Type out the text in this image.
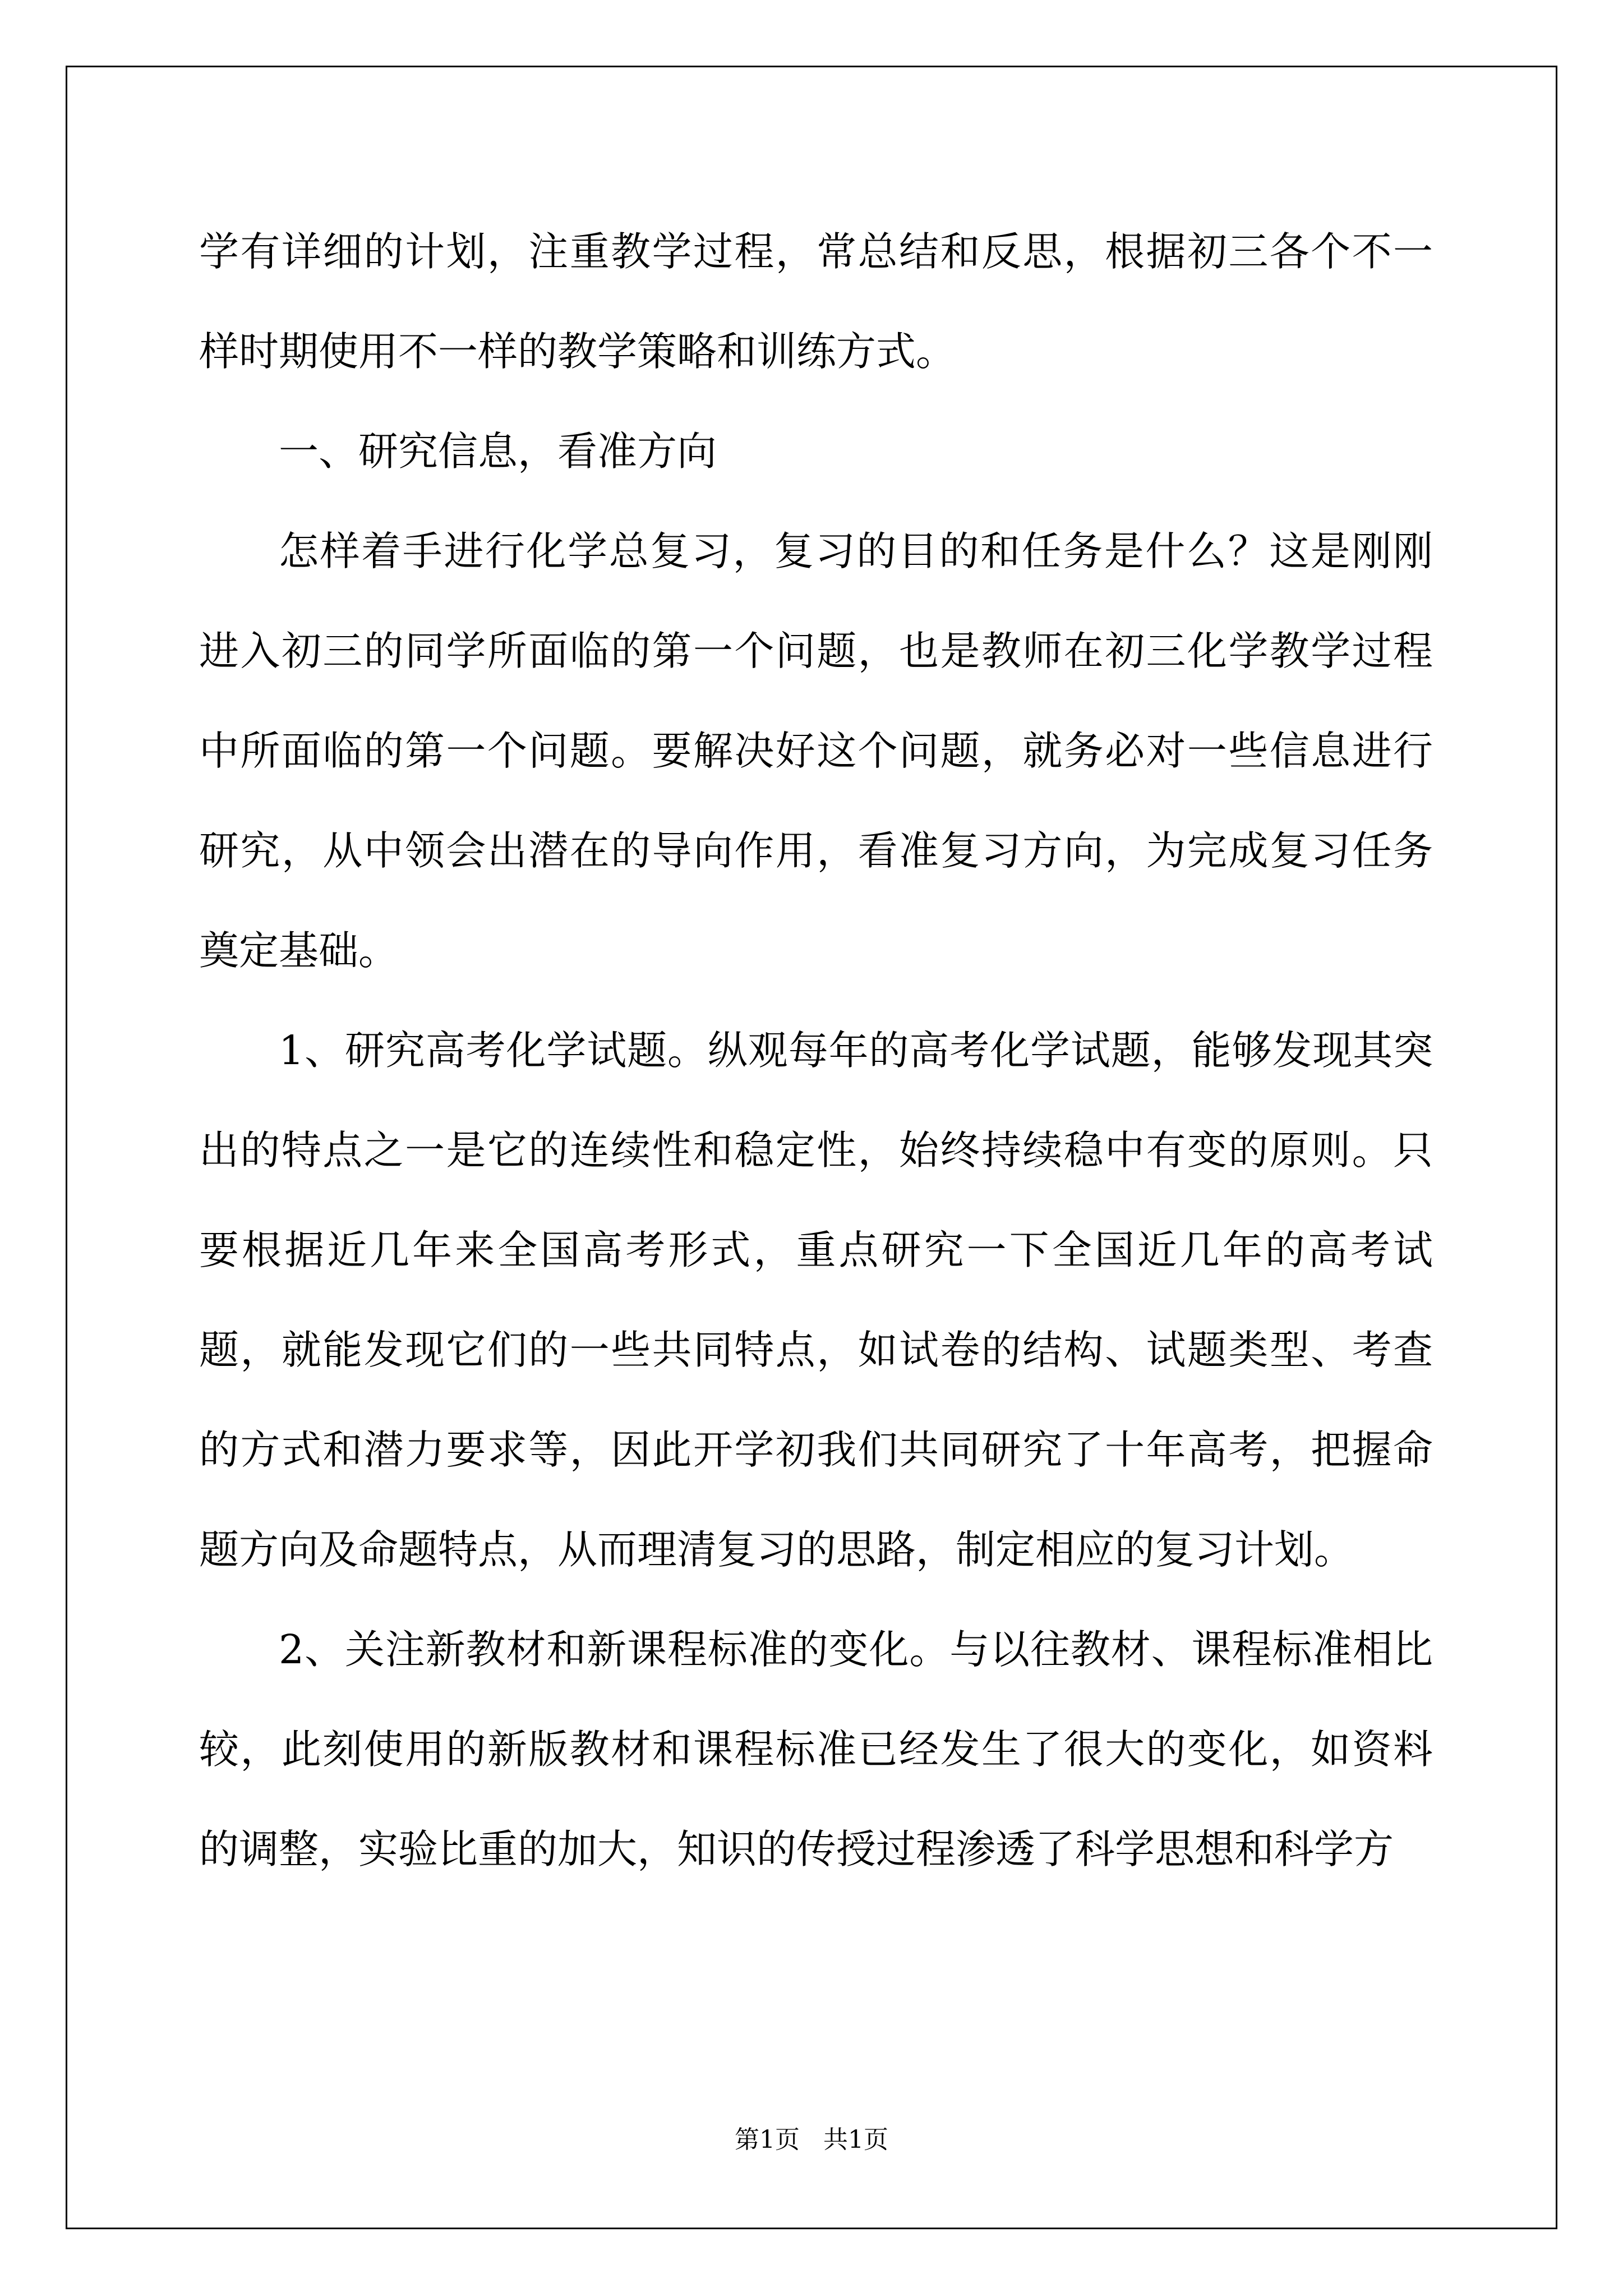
学有详细的计划，注重教学过程，常总结和反思，根据初三各个不一样时期使用不一样的教学策略和训练方式。

一、研究信息，看准方向

怎样着手进行化学总复习，复习的目的和任务是什么？这是刚刚进入初三的同学所面临的第一个问题，也是教师在初三化学教学过程中所面临的第一个问题。要解决好这个问题，就务必对一些信息进行研究，从中领会出潜在的导向作用，看准复习方向，为完成复习任务奠定基础。

1、研究高考化学试题。纵观每年的高考化学试题，能够发现其突出的特点之一是它的连续性和稳定性，始终持续稳中有变的原则。只要根据近几年来全国高考形式，重点研究一下全国近几年的高考试题，就能发现它们的一些共同特点，如试卷的结构、试题类型、考查的方式和潜力要求等，因此开学初我们共同研究了十年高考，把握命题方向及命题特点，从而理清复习的思路，制定相应的复习计划。

2、关注新教材和新课程标准的变化。与以往教材、课程标准相比较，此刻使用的新版教材和课程标准已经发生了很大的变化，如资料的调整，实验比重的加大，知识的传授过程渗透了科学思想和科学方

第1页   共1页
